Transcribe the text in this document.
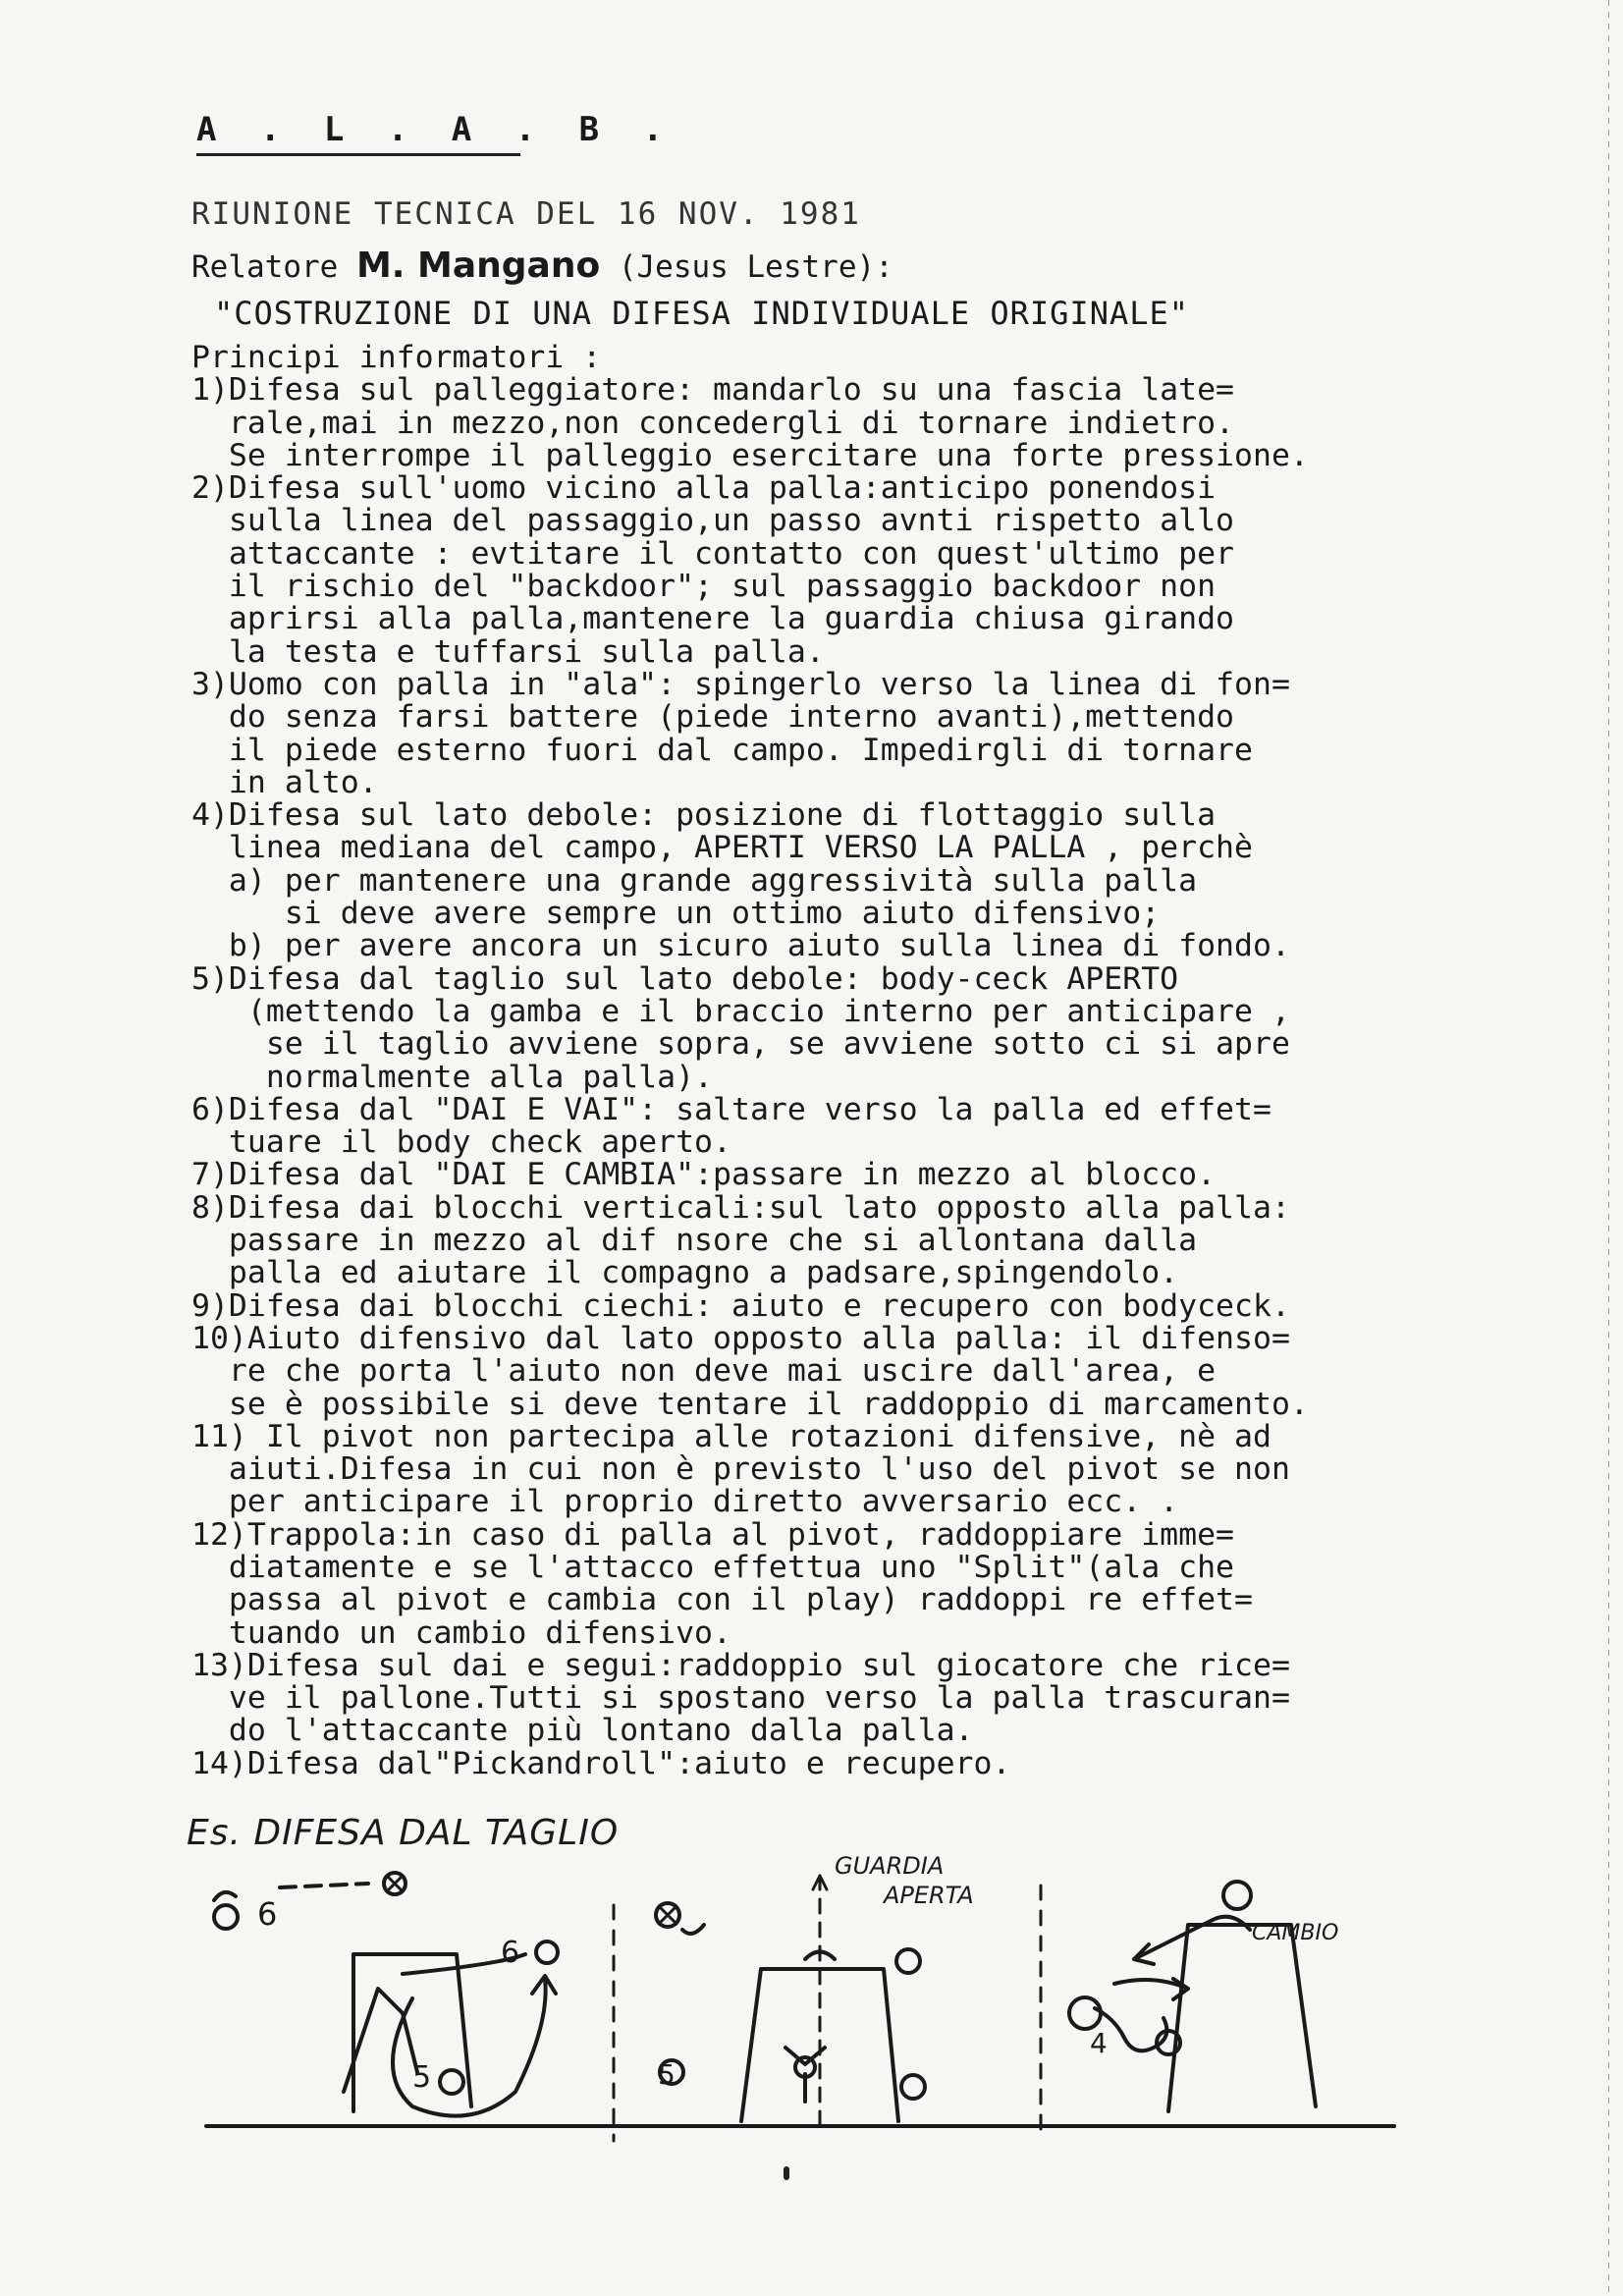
A . L . A . B .
RIUNIONE TECNICA DEL 16 NOV. 1981
Relatore M. Mangano (Jesus Lestre):
"COSTRUZIONE DI UNA DIFESA INDIVIDUALE ORIGINALE"
Principi informatori :
1)Difesa sul palleggiatore: mandarlo su una fascia late=
rale,mai in mezzo,non concedergli di tornare indietro.
Se interrompe il palleggio esercitare una forte pressione.
2)Difesa sull'uomo vicino alla palla:anticipo ponendosi
sulla linea del passaggio,un passo avnti rispetto allo
attaccante : evtitare il contatto con quest'ultimo per
il rischio del "backdoor"; sul passaggio backdoor non
aprirsi alla palla,mantenere la guardia chiusa girando
la testa e tuffarsi sulla palla.
3)Uomo con palla in "ala": spingerlo verso la linea di fon=
do senza farsi battere (piede interno avanti),mettendo
il piede esterno fuori dal campo. Impedirgli di tornare
in alto.
4)Difesa sul lato debole: posizione di flottaggio sulla
linea mediana del campo, APERTI VERSO LA PALLA , perchè
a) per mantenere una grande aggressività sulla palla
si deve avere sempre un ottimo aiuto difensivo;
b) per avere ancora un sicuro aiuto sulla linea di fondo.
5)Difesa dal taglio sul lato debole: body-ceck APERTO
(mettendo la gamba e il braccio interno per anticipare ,
se il taglio avviene sopra, se avviene sotto ci si apre
normalmente alla palla).
6)Difesa dal "DAI E VAI": saltare verso la palla ed effet=
tuare il body check aperto.
7)Difesa dal "DAI E CAMBIA":passare in mezzo al blocco.
8)Difesa dai blocchi verticali:sul lato opposto alla palla:
passare in mezzo al dif nsore che si allontana dalla
palla ed aiutare il compagno a padsare,spingendolo.
9)Difesa dai blocchi ciechi: aiuto e recupero con bodyceck.
10)Aiuto difensivo dal lato opposto alla palla: il difenso=
re che porta l'aiuto non deve mai uscire dall'area, e
se è possibile si deve tentare il raddoppio di marcamento.
11) Il pivot non partecipa alle rotazioni difensive, nè ad
aiuti.Difesa in cui non è previsto l'uso del pivot se non
per anticipare il proprio diretto avversario ecc. .
12)Trappola:in caso di palla al pivot, raddoppiare imme=
diatamente e se l'attacco effettua uno "Split"(ala che
passa al pivot e cambia con il play) raddoppi re effet=
tuando un cambio difensivo.
13)Difesa sul dai e segui:raddoppio sul giocatore che rice=
ve il pallone.Tutti si spostano verso la palla trascuran=
do l'attaccante più lontano dalla palla.
14)Difesa dal"Pickandroll":aiuto e recupero.
Es. DIFESA DAL TAGLIO
6
6
5
GUARDIA
APERTA
5
CAMBIO
4
